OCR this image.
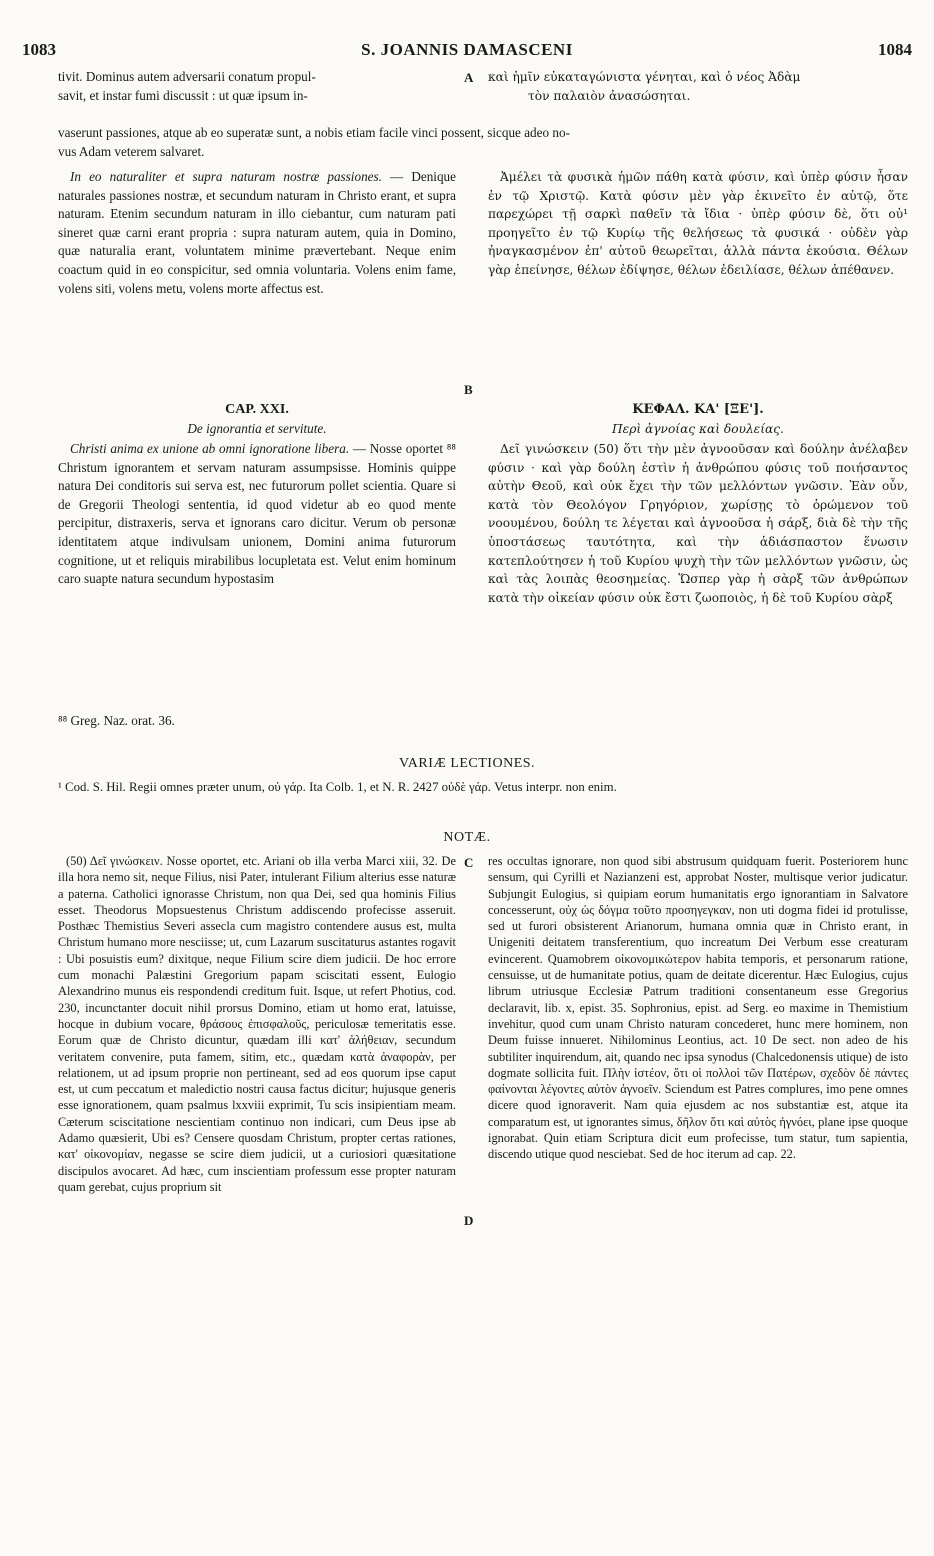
1083	S. JOANNIS DAMASCENI	1084

tivit. Dominus autem adversarii conatum propul-

savit, et instar fumi discussit : ut quæ ipsum in-

καὶ ἡμῖν εὐκαταγώνιστα γένηται, καὶ ὁ νέος Ἀδὰμ

τὸν παλαιὸν ἀνασώσηται.

vaserunt passiones, atque ab eo superatæ sunt, a nobis etiam facile vinci possent, sicque adeo no-

vus Adam veterem salvaret.

In eo naturaliter et supra naturam nostræ passiones. — Denique naturales passiones nostræ, et secundum naturam in Christo erant, et supra naturam. Etenim secundum naturam in illo ciebantur, cum naturam pati sineret quæ carni erant propria : supra naturam autem, quia in Domino, quæ naturalia erant, voluntatem minime prævertebant. Neque enim coactum quid in eo conspicitur, sed omnia voluntaria. Volens enim fame, volens siti, volens metu, volens morte affectus est.

CAP. XXI.
De ignorantia et servitute.

Christi anima ex unione ab omni ignoratione libera. — Nosse oportet ⁸⁸ Christum ignorantem et servam naturam assumpsisse. Hominis quippe natura Dei conditoris sui serva est, nec futurorum pollet scientia. Quare si de Gregorii Theologi sententia, id quod videtur ab eo quod mente percipitur, distraxeris, serva et ignorans caro dicitur. Verum ob personæ identitatem atque indivulsam unionem, Domini anima futurorum cognitione, ut et reliquis mirabilibus locupletata est. Velut enim hominum caro suapte natura secundum hypostasim

Ἀμέλει τὰ φυσικὰ ἡμῶν πάθη κατὰ φύσιν, καὶ ὑπὲρ φύσιν ἦσαν ἐν τῷ Χριστῷ. Κατὰ φύσιν μὲν γὰρ ἐκινεῖτο ἐν αὐτῷ, ὅτε παρεχώρει τῇ σαρκὶ παθεῖν τὰ ἴδια · ὑπὲρ φύσιν δὲ, ὅτι οὐ¹ προηγεῖτο ἐν τῷ Κυρίῳ τῆς θελήσεως τὰ φυσικά · οὐδὲν γὰρ ἠναγκασμένον ἐπ' αὐτοῦ θεωρεῖται, ἀλλὰ πάντα ἑκούσια. Θέλων γὰρ ἐπείνησε, θέλων ἐδίψησε, θέλων ἐδειλίασε, θέλων ἀπέθανεν.

ΚΕΦΑΛ. ΚΑ' [ΞΕ'].
Περὶ ἀγνοίας καὶ δουλείας.

Δεῖ γινώσκειν (50) ὅτι τὴν μὲν ἀγνοοῦσαν καὶ δούλην ἀνέλαβεν φύσιν · καὶ γὰρ δούλη ἐστὶν ἡ ἀνθρώπου φύσις τοῦ ποιήσαντος αὐτὴν Θεοῦ, καὶ οὐκ ἔχει τὴν τῶν μελλόντων γνῶσιν. Ἐὰν οὖν, κατὰ τὸν Θεολόγον Γρηγόριον, χωρίσῃς τὸ ὁρώμενον τοῦ νοουμένου, δούλη τε λέγεται καὶ ἀγνοοῦσα ἡ σάρξ, διὰ δὲ τὴν τῆς ὑποστάσεως ταυτότητα, καὶ τὴν ἀδιάσπαστον ἕνωσιν κατεπλούτησεν ἡ τοῦ Κυρίου ψυχὴ τὴν τῶν μελλόντων γνῶσιν, ὡς καὶ τὰς λοιπὰς θεοσημείας. Ὥσπερ γὰρ ἡ σὰρξ τῶν ἀνθρώπων κατὰ τὴν οἰκείαν φύσιν οὐκ ἔστι ζωοποιὸς, ἡ δὲ τοῦ Κυρίου σὰρξ

A
B
⁸⁸ Greg. Naz. orat. 36.
VARIÆ LECTIONES.
¹ Cod. S. Hil. Regii omnes præter unum, οὐ γάρ. Ita Colb. 1, et N. R. 2427 οὐδὲ γάρ. Vetus interpr. non enim.
NOTÆ.

(50) Δεῖ γινώσκειν. Nosse oportet, etc. Ariani ob illa verba Marci xiii, 32. De illa hora nemo sit, neque Filius, nisi Pater, intulerant Filium alterius esse naturæ a paterna. Catholici ignorasse Christum, non qua Dei, sed qua hominis Filius esset. Theodorus Mopsuestenus Christum addiscendo profecisse asseruit. Posthæc Themistius Severi asseclа cum magistro contendere ausus est, multa Christum humano more nesciisse; ut, cum Lazarum suscitaturus astantes rogavit : Ubi posuistis eum? dixitque, neque Filium scire diem judicii. De hoc errore cum monachi Palæstini Gregorium papam sciscitati essent, Eulogio Alexandrino munus eis respondendi creditum fuit. Isque, ut refert Photius, cod. 230, incunctanter docuit nihil prorsus Domino, etiam ut homo erat, latuisse, hocque in dubium vocare, θράσους ἐπισφαλοῦς, periculosæ temeritatis esse. Eorum quæ de Christo dicuntur, quædam illi κατ' ἀλήθειαν, secundum veritatem convenire, puta famem, sitim, etc., quædam κατὰ ἀναφορὰν, per relationem, ut ad ipsum proprie non pertineant, sed ad eos quorum ipse caput est, ut cum peccatum et maledictio nostri causa factus dicitur; hujusque generis esse ignorationem, quam psalmus lxxviii exprimit, Tu scis insipientiam meam. Cæterum sciscitatione nescientiam continuo non indicari, cum Deus ipse ab Adamo quæsierit, Ubi es? Censere quosdam Christum, propter certas rationes, κατ' οἰκονομίαν, negasse se scire diem judicii, ut a curiosiori quæsitatione discipulos avocaret. Ad hæc, cum inscientiam professum esse propter naturam quam gerebat, cujus proprium sit

res occultas ignorare, non quod sibi abstrusum quidquam fuerit. Posteriorem hunc sensum, qui Cyrilli et Nazianzeni est, approbat Noster, multisque verior judicatur. Subjungit Eulogius, si quipiam eorum humanitatis ergo ignorantiam in Salvatore concesserunt, οὐχ ὡς δόγμα τοῦτο προσηγεγκαν, non uti dogma fidei id protulisse, sed ut furori obsisterent Arianorum, humana omnia quæ in Christo erant, in Unigeniti deitatem transferentium, quo increatum Dei Verbum esse creaturam evincerent. Quamobrem οἰκονομικώτερον habita temporis, et personarum ratione, censuisse, ut de humanitate potius, quam de deitate dicerentur. Hæc Eulogius, cujus librum utriusque Ecclesiæ Patrum traditioni consentaneum esse Gregorius declaravit, lib. x, epist. 35. Sophronius, epist. ad Serg. eo maxime in Themistium invehitur, quod cum unam Christo naturam concederet, hunc mere hominem, non Deum fuisse innueret. Nihilominus Leontius, act. 10 De sect. non adeo de his subtiliter inquirendum, ait, quando nec ipsa synodus (Chalcedonensis utique) de isto dogmate sollicita fuit. Πλὴν ἰστέον, ὅτι οἱ πολλοὶ τῶν Πατέρων, σχεδὸν δὲ πάντες φαίνονται λέγοντες αὐτὸν ἀγνοεῖν. Sciendum est Patres complures, imo pene omnes dicere quod ignoraverit. Nam quia ejusdem ac nos substantiæ est, atque ita comparatum est, ut ignorantes simus, δῆλον ὅτι καὶ αὐτὸς ἠγνόει, plane ipse quoque ignorabat. Quin etiam Scriptura dicit eum profecisse, tum statur, tum sapientia, discendo utique quod nesciebat. Sed de hoc iterum ad cap. 22.

C
D
